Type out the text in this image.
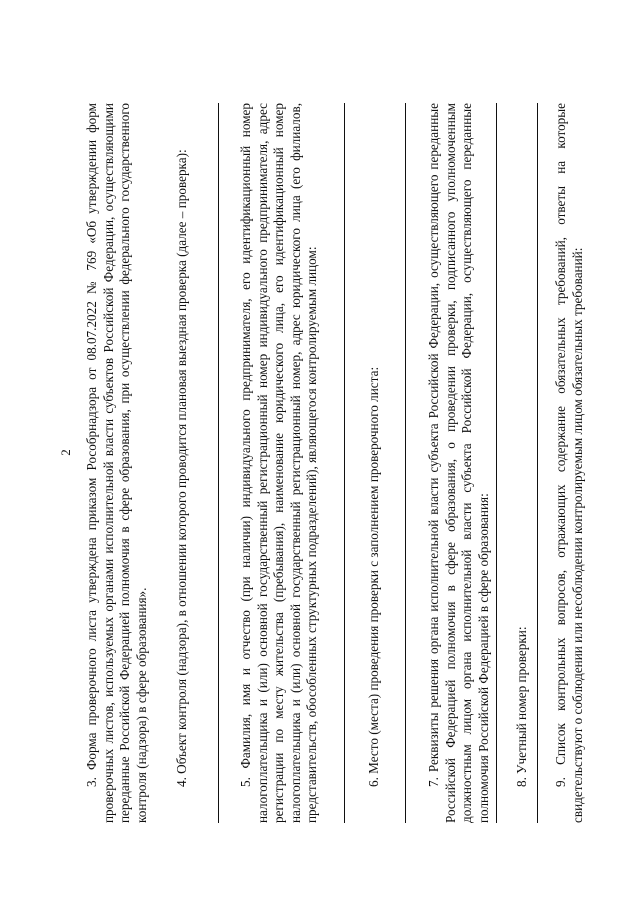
2 3. Форма проверочного листа утверждена приказом Рособрнадзора от 08.07.2022 № 769 «Об утверждении форм проверочных листов, используемых органами исполнительной власти субъектов Российской Федерации, осуществляющими переданные Российской Федерацией полномочия в сфере образования, при осуществлении федерального государственного контроля (надзора) в сфере образования». 4. Объект контроля (надзора), в отношении которого проводится плановая выездная проверка (далее – проверка):	5. Фамилия, имя и отчество (при наличии) индивидуального предпринимателя, его идентификационный номер налогоплательщика и (или) основной государственный регистрационный номер индивидуального предпринимателя, адрес регистрации по месту жительства (пребывания), наименование юридического лица, его идентификационный номер налогоплательщика и (или) основной государственный регистрационный номер, адрес юридического лица (его филиалов, представительств, обособленных структурных подразделений), являющегося контролируемым лицом:	6. Место (места) проведения проверки с заполнением проверочного листа:	7. Реквизиты решения органа исполнительной власти субъекта Российской Федерации, осуществляющего переданные Российской Федерацией полномочия в сфере образования, о проведении проверки, подписанного уполномоченным должностным лицом органа исполнительной власти субъекта Российской Федерации, осуществляющего переданные полномочия Российской Федерацией в сфере образования: 8. Учетный номер проверки: 9. Список контрольных вопросов, отражающих содержание обязательных требований, ответы на которые свидетельствуют о соблюдении или несоблюдении контролируемым лицом обязательных требований:
